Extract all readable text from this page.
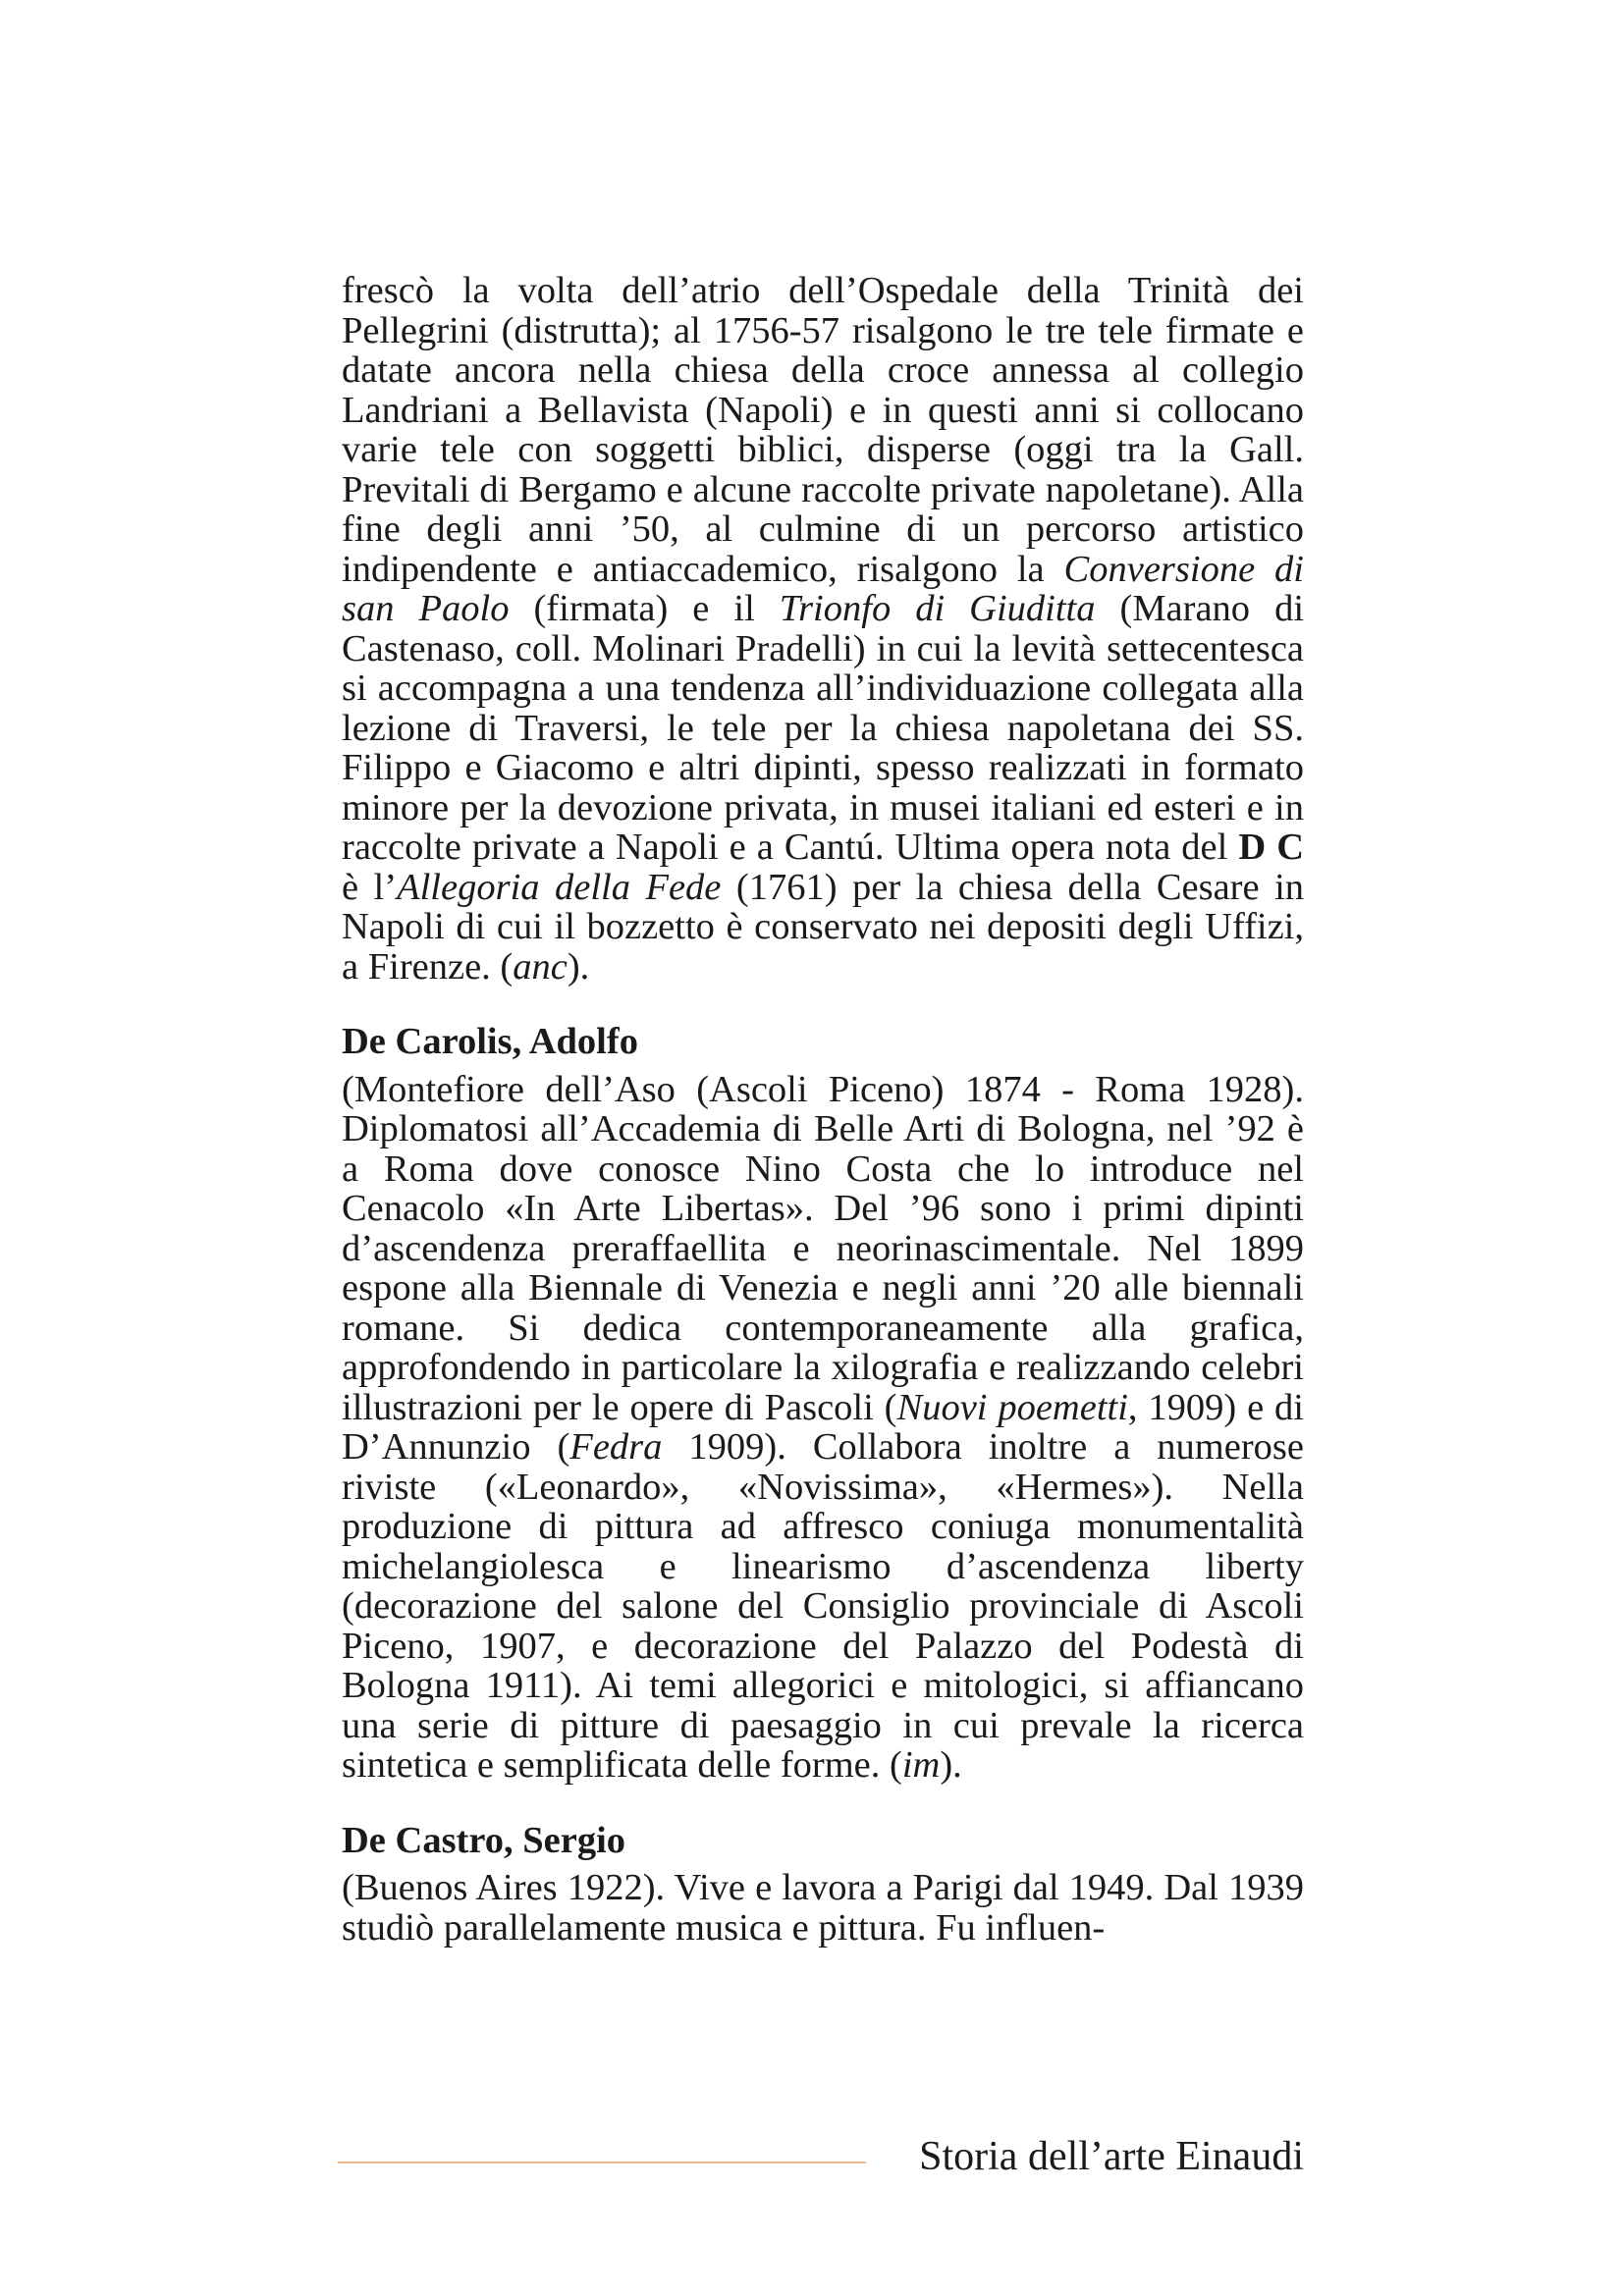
frescò la volta dell’atrio dell’Ospedale della Trinità dei Pellegrini (distrutta); al 1756-57 risalgono le tre tele firmate e datate ancora nella chiesa della croce annessa al collegio Landriani a Bellavista (Napoli) e in questi anni si collocano varie tele con soggetti biblici, disperse (oggi tra la Gall. Previtali di Bergamo e alcune raccolte private napoletane). Alla fine degli anni ’50, al culmine di un percorso artistico indipendente e antiaccademico, risalgono la Conversione di san Paolo (firmata) e il Trionfo di Giuditta (Marano di Castenaso, coll. Molinari Pradelli) in cui la levità settecentesca si accompagna a una tendenza all’individuazione collegata alla lezione di Traversi, le tele per la chiesa napoletana dei SS. Filippo e Giacomo e altri dipinti, spesso realizzati in formato minore per la devozione privata, in musei italiani ed esteri e in raccolte private a Napoli e a Cantú. Ultima opera nota del D C è l’Allegoria della Fede (1761) per la chiesa della Cesare in Napoli di cui il bozzetto è conservato nei depositi degli Uffizi, a Firenze. (anc).

De Carolis, Adolfo

(Montefiore dell’Aso (Ascoli Piceno) 1874 - Roma 1928). Diplomatosi all’Accademia di Belle Arti di Bologna, nel ’92 è a Roma dove conosce Nino Costa che lo introduce nel Cenacolo «In Arte Libertas». Del ’96 sono i primi dipinti d’ascendenza preraffaellita e neorinascimentale. Nel 1899 espone alla Biennale di Venezia e negli anni ’20 alle biennali romane. Si dedica contemporaneamente alla grafica, approfondendo in particolare la xilografia e realizzando celebri illustrazioni per le opere di Pascoli (Nuovi poemetti, 1909) e di D’Annunzio (Fedra 1909). Collabora inoltre a numerose riviste («Leonardo», «Novissima», «Hermes»). Nella produzione di pittura ad affresco coniuga monumentalità michelangiolesca e linearismo d’ascendenza liberty (decorazione del salone del Consiglio provinciale di Ascoli Piceno, 1907, e decorazione del Palazzo del Podestà di Bologna 1911). Ai temi allegorici e mitologici, si affiancano una serie di pitture di paesaggio in cui prevale la ricerca sintetica e semplificata delle forme. (im).

De Castro, Sergio

(Buenos Aires 1922). Vive e lavora a Parigi dal 1949. Dal 1939 studiò parallelamente musica e pittura. Fu influen-

Storia dell’arte Einaudi
